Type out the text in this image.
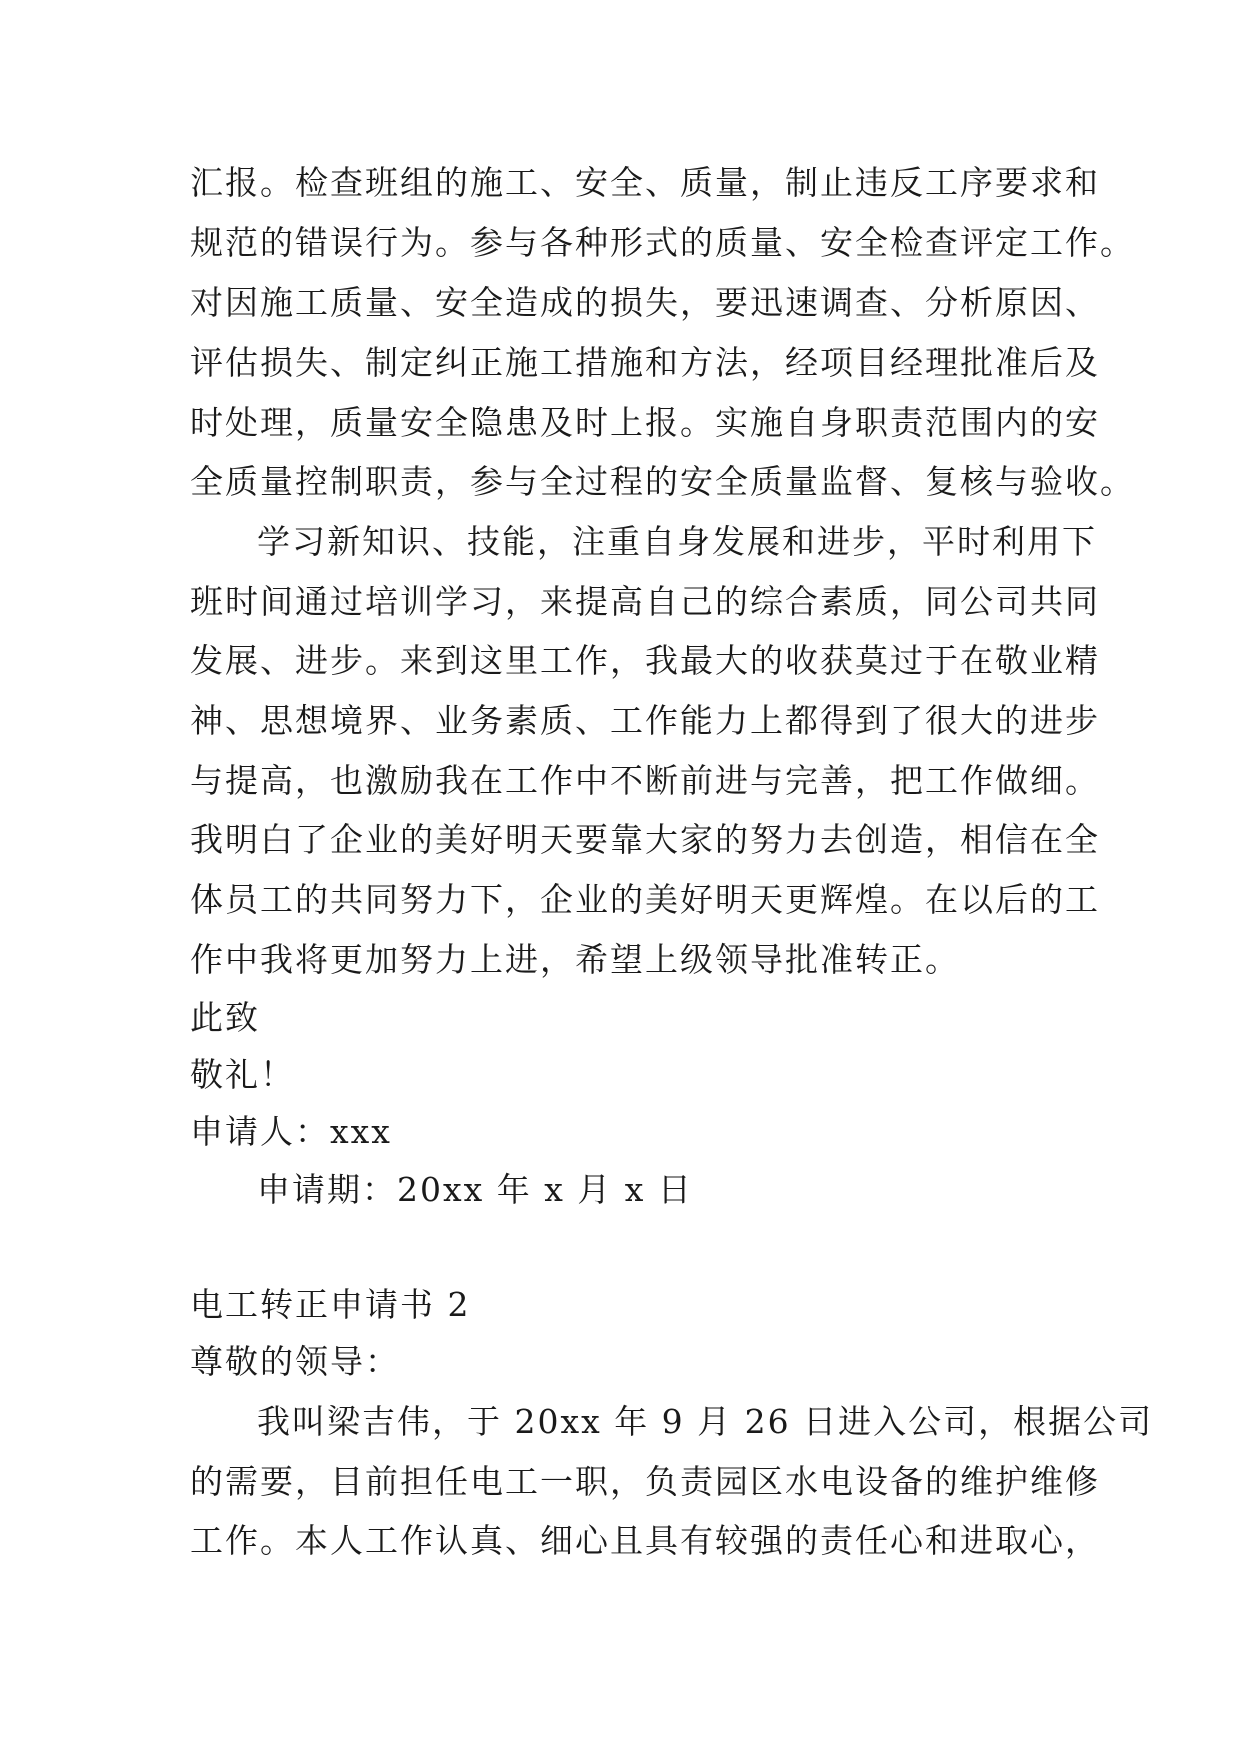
汇报。检查班组的施工、安全、质量，制止违反工序要求和
规范的错误行为。参与各种形式的质量、安全检查评定工作。
对因施工质量、安全造成的损失，要迅速调查、分析原因、
评估损失、制定纠正施工措施和方法，经项目经理批准后及
时处理，质量安全隐患及时上报。实施自身职责范围内的安
全质量控制职责，参与全过程的安全质量监督、复核与验收。
学习新知识、技能，注重自身发展和进步，平时利用下
班时间通过培训学习，来提高自己的综合素质，同公司共同
发展、进步。来到这里工作，我最大的收获莫过于在敬业精
神、思想境界、业务素质、工作能力上都得到了很大的进步
与提高，也激励我在工作中不断前进与完善，把工作做细。
我明白了企业的美好明天要靠大家的努力去创造，相信在全
体员工的共同努力下，企业的美好明天更辉煌。在以后的工
作中我将更加努力上进，希望上级领导批准转正。
此致
敬礼！
申请人：xxx
申请期：20xx 年 x 月 x 日
电工转正申请书 2
尊敬的领导：
我叫梁吉伟，于 20xx 年 9 月 26 日进入公司，根据公司
的需要，目前担任电工一职，负责园区水电设备的维护维修
工作。本人工作认真、细心且具有较强的责任心和进取心，
